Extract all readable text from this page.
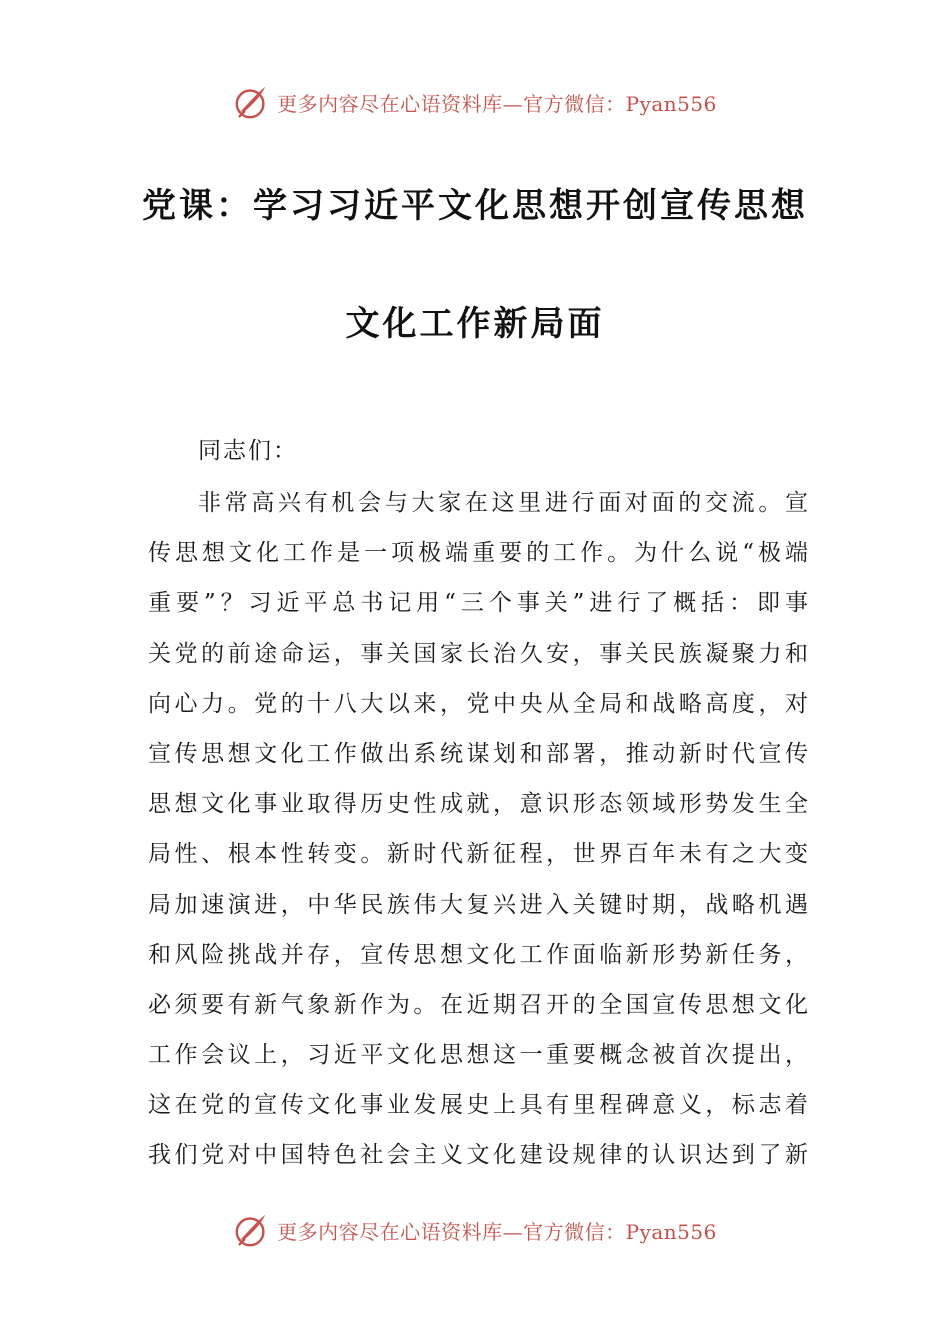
更多内容尽在心语资料库—官方微信：Pyan556
党课：学习习近平文化思想开创宣传思想
文化工作新局面
同志们：
非常高兴有机会与大家在这里进行面对面的交流。宣
传思想文化工作是一项极端重要的工作。为什么说“极端
重要”？习近平总书记用“三个事关”进行了概括：即事
关党的前途命运，事关国家长治久安，事关民族凝聚力和
向心力。党的十八大以来，党中央从全局和战略高度，对
宣传思想文化工作做出系统谋划和部署，推动新时代宣传
思想文化事业取得历史性成就，意识形态领域形势发生全
局性、根本性转变。新时代新征程，世界百年未有之大变
局加速演进，中华民族伟大复兴进入关键时期，战略机遇
和风险挑战并存，宣传思想文化工作面临新形势新任务，
必须要有新气象新作为。在近期召开的全国宣传思想文化
工作会议上，习近平文化思想这一重要概念被首次提出，
这在党的宣传文化事业发展史上具有里程碑意义，标志着
我们党对中国特色社会主义文化建设规律的认识达到了新
更多内容尽在心语资料库—官方微信：Pyan556
